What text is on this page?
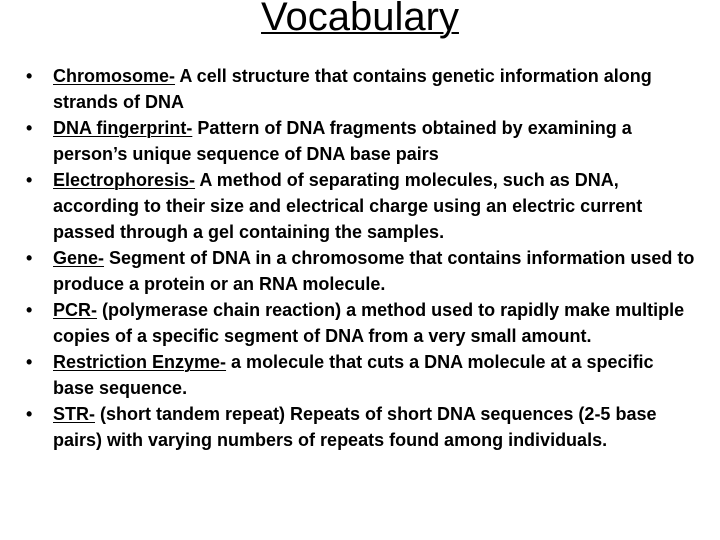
Vocabulary
• Chromosome- A cell structure that contains genetic information along strands of DNA
• DNA fingerprint- Pattern of DNA fragments obtained by examining a person’s unique sequence of DNA base pairs
• Electrophoresis- A method of separating molecules, such as DNA, according to their size and electrical charge using an electric current passed through a gel containing the samples.
• Gene- Segment of DNA in a chromosome that contains information used to produce a protein or an RNA molecule.
• PCR- (polymerase chain reaction) a method used to rapidly make multiple copies of a specific segment of DNA from a very small amount.
• Restriction Enzyme- a molecule that cuts a DNA molecule at a specific base sequence.
• STR- (short tandem repeat) Repeats of short DNA sequences (2-5 base pairs) with varying numbers of repeats found among individuals.
